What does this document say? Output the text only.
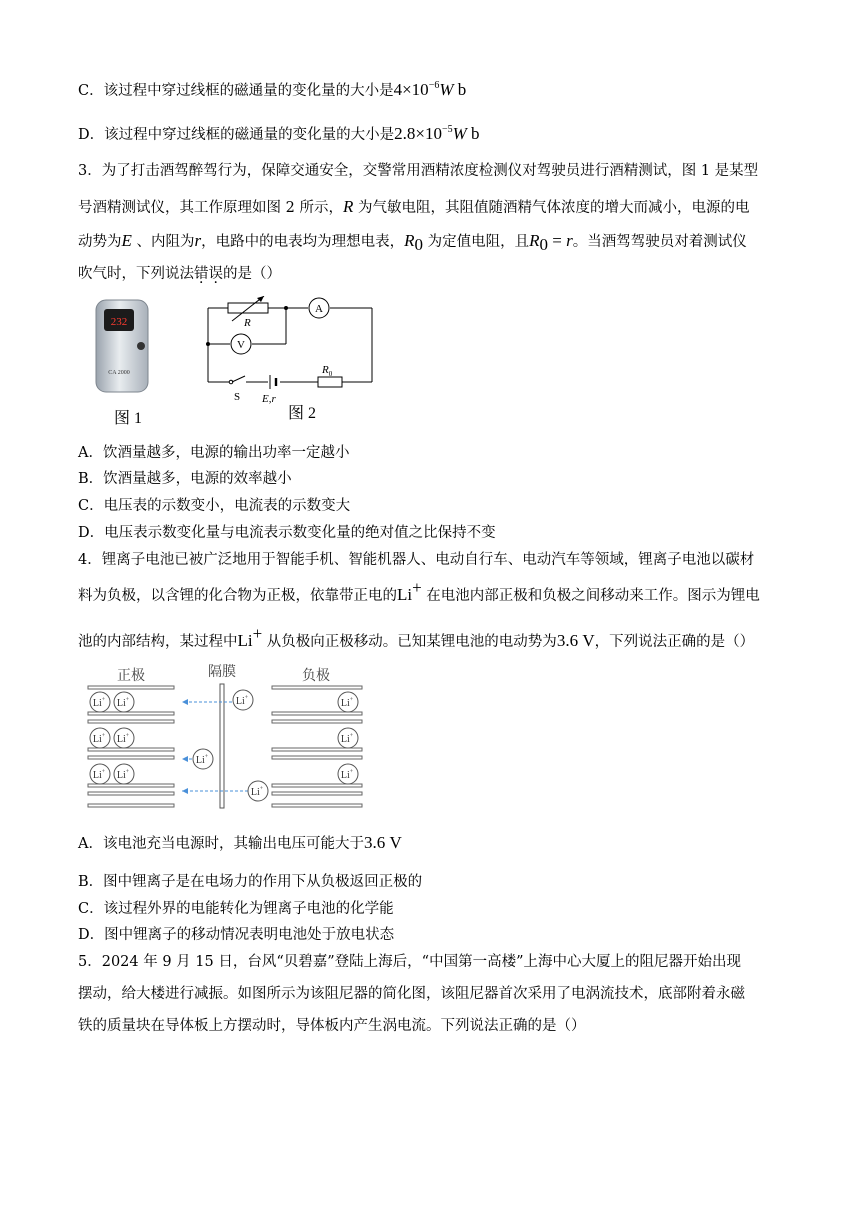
C．该过程中穿过线框的磁通量的变化量的大小是$4\times 10^{-6}W$ b
D．该过程中穿过线框的磁通量的变化量的大小是$2.8\times 10^{-5}W$ b
3．为了打击酒驾醉驾行为，保障交通安全，交警常用酒精浓度检测仪对驾驶员进行酒精测试，图 1 是某型
号酒精测试仪，其工作原理如图 2 所示，R 为气敏电阻，其阻值随酒精气体浓度的增大而减小，电源的电
动势为E 、内阻为r，电路中的电表均为理想电表，$R_0$ 为定值电阻，且$R_0 = r$。当酒驾驾驶员对着测试仪
吹气时，下列说法错误的是（）
232
CA 2000
图 1
R
A
V
S E,r
$R_0$
图 2
A．饮酒量越多，电源的输出功率一定越小
B．饮酒量越多，电源的效率越小
C．电压表的示数变小，电流表的示数变大
D．电压表示数变化量与电流表示数变化量的绝对值之比保持不变
4．锂离子电池已被广泛地用于智能手机、智能机器人、电动自行车、电动汽车等领域，锂离子电池以碳材
料为负极，以含锂的化合物为正极，依靠带正电的Li+ 在电池内部正极和负极之间移动来工作。图示为锂电
池的内部结构，某过程中Li+ 从负极向正极移动。已知某锂电池的电动势为3.6 V，下列说法正确的是（）
正极	隔膜	负极
Li+ Li+	Li+
Li+ Li+	Li+
Li+ Li+	Li+
Li+
Li+
Li+
A．该电池充当电源时，其输出电压可能大于3.6 V
B．图中锂离子是在电场力的作用下从负极返回正极的
C．该过程外界的电能转化为锂离子电池的化学能
D．图中锂离子的移动情况表明电池处于放电状态
5．2024 年 9 月 15 日，台风“贝碧嘉”登陆上海后，“中国第一高楼”上海中心大厦上的阻尼器开始出现
摆动，给大楼进行减振。如图所示为该阻尼器的简化图，该阻尼器首次采用了电涡流技术，底部附着永磁
铁的质量块在导体板上方摆动时，导体板内产生涡电流。下列说法正确的是（）
